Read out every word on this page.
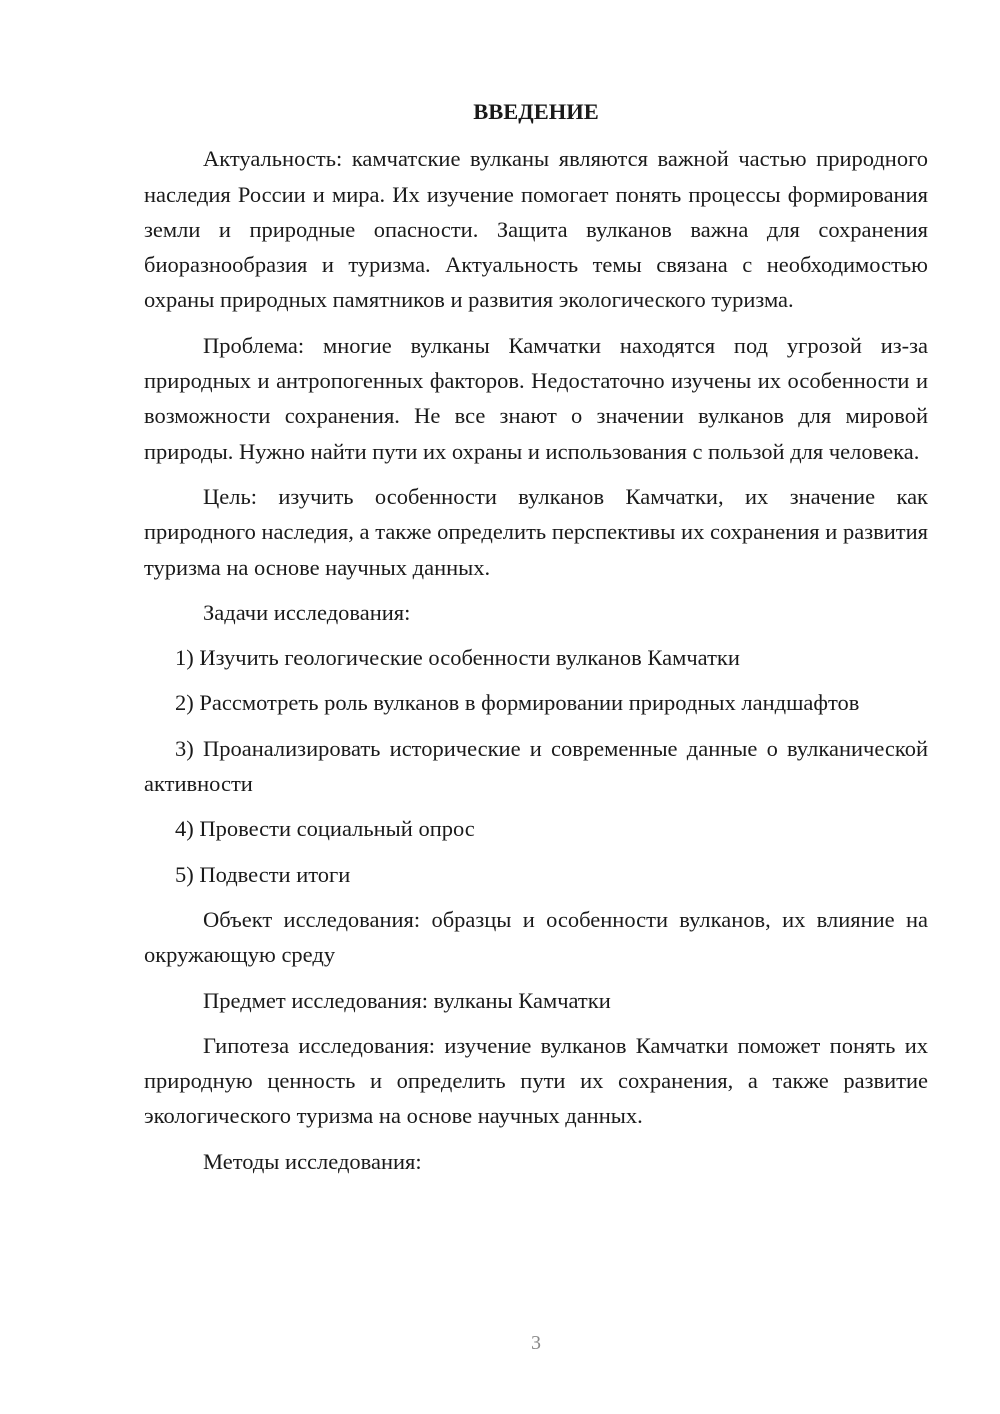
ВВЕДЕНИЕ

Актуальность: камчатские вулканы являются важной частью природного наследия России и мира. Их изучение помогает понять процессы формирования земли и природные опасности. Защита вулканов важна для сохранения биоразнообразия и туризма. Актуальность темы связана с необходимостью охраны природных памятников и развития экологического туризма.

Проблема: многие вулканы Камчатки находятся под угрозой из-за природных и антропогенных факторов. Недостаточно изучены их особенности и возможности сохранения. Не все знают о значении вулканов для мировой природы. Нужно найти пути их охраны и использования с пользой для человека.

Цель: изучить особенности вулканов Камчатки, их значение как природного наследия, а также определить перспективы их сохранения и развития туризма на основе научных данных.

Задачи исследования:

1) Изучить геологические особенности вулканов Камчатки

2) Рассмотреть роль вулканов в формировании природных ландшафтов

3) Проанализировать исторические и современные данные о вулканической активности

4) Провести социальный опрос

5) Подвести итоги

Объект исследования: образцы и особенности вулканов, их влияние на окружающую среду

Предмет исследования: вулканы Камчатки

Гипотеза исследования: изучение вулканов Камчатки поможет понять их природную ценность и определить пути их сохранения, а также развитие экологического туризма на основе научных данных.

Методы исследования:

3
